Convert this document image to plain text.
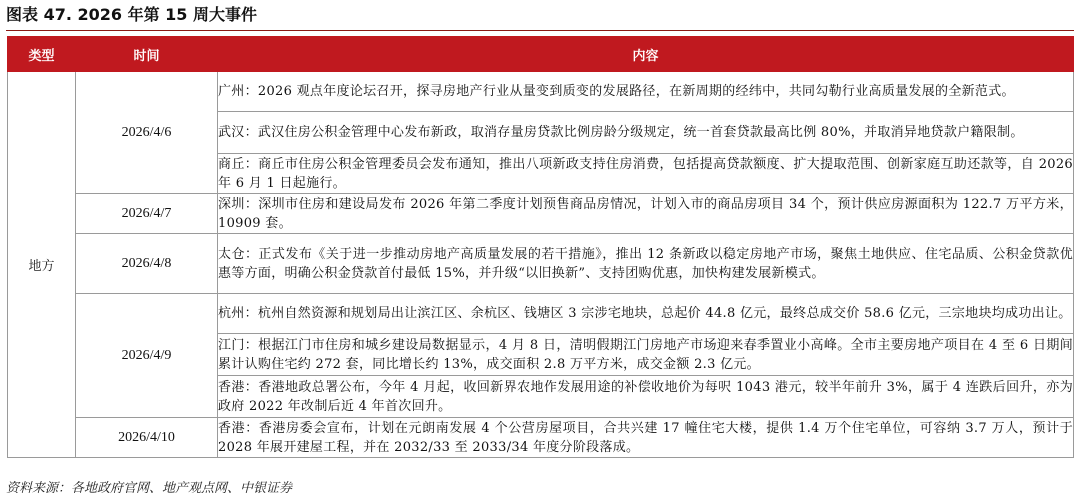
图表 47. 2026 年第 15 周大事件
类型	时间	内容
地方	2026/4/6	广州：2026 观点年度论坛召开，探寻房地产行业从量变到质变的发展路径，在新周期的经纬中，共同勾勒行业高质量发展的全新范式。
		武汉：武汉住房公积金管理中心发布新政，取消存量房贷款比例房龄分级规定，统一首套贷款最高比例 80%，并取消异地贷款户籍限制。
		商丘：商丘市住房公积金管理委员会发布通知，推出八项新政支持住房消费，包括提高贷款额度、扩大提取范围、创新家庭互助还款等，自 2026 年 6 月 1 日起施行。
	2026/4/7	深圳：深圳市住房和建设局发布 2026 年第二季度计划预售商品房情况，计划入市的商品房项目 34 个，预计供应房源面积为 122.7 万平方米，10909 套。
	2026/4/8	太仓：正式发布《关于进一步推动房地产高质量发展的若干措施》，推出 12 条新政以稳定房地产市场，聚焦土地供应、住宅品质、公积金贷款优惠等方面，明确公积金贷款首付最低 15%，并升级“以旧换新”、支持团购优惠，加快构建发展新模式。
	2026/4/9	杭州：杭州自然资源和规划局出让滨江区、余杭区、钱塘区 3 宗涉宅地块，总起价 44.8 亿元，最终总成交价 58.6 亿元，三宗地块均成功出让。
		江门：根据江门市住房和城乡建设局数据显示，4 月 8 日，清明假期江门房地产市场迎来春季置业小高峰。全市主要房地产项目在 4 至 6 日期间累计认购住宅约 272 套，同比增长约 13%，成交面积 2.8 万平方米，成交金额 2.3 亿元。
		香港：香港地政总署公布，今年 4 月起，收回新界农地作发展用途的补偿收地价为每呎 1043 港元，较半年前升 3%，属于 4 连跌后回升，亦为政府 2022 年改制后近 4 年首次回升。
	2026/4/10	香港：香港房委会宣布，计划在元朗南发展 4 个公营房屋项目，合共兴建 17 幢住宅大楼，提供 1.4 万个住宅单位，可容纳 3.7 万人，预计于 2028 年展开建屋工程，并在 2032/33 至 2033/34 年度分阶段落成。
资料来源：各地政府官网、地产观点网、中银证券
